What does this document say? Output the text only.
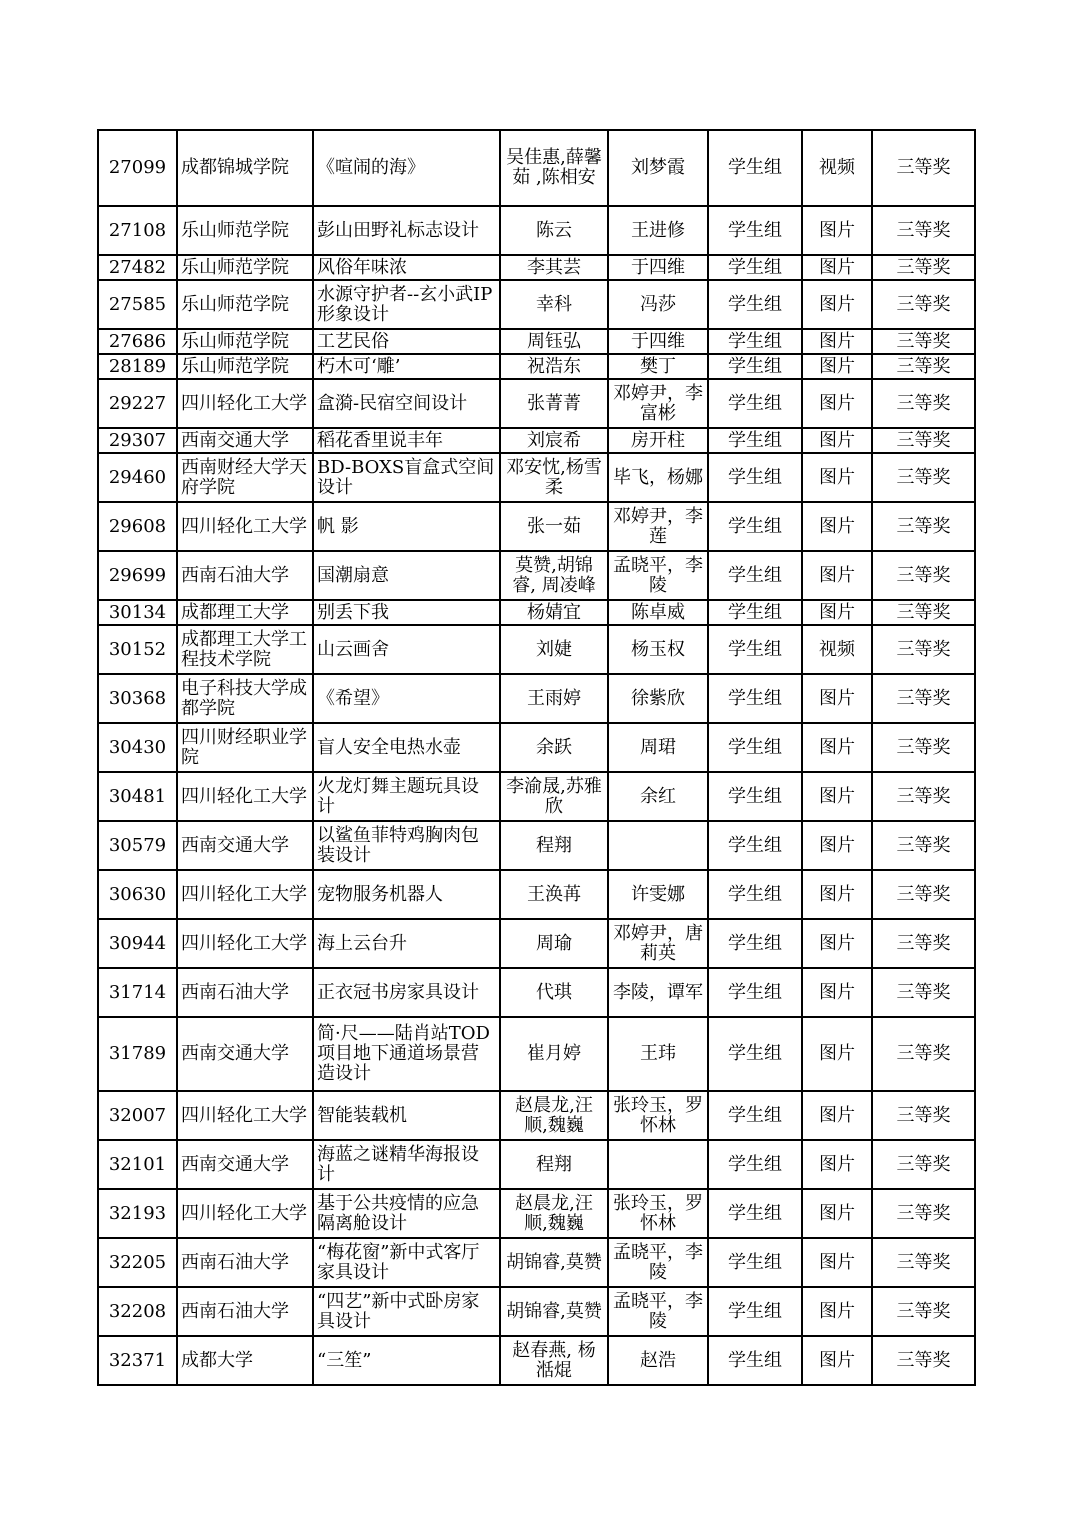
27099	成都锦城学院	《喧闹的海》	吴佳惠,薛馨茹 ,陈相安	刘梦霞	学生组	视频	三等奖
27108	乐山师范学院	彭山田野礼标志设计	陈云	王进修	学生组	图片	三等奖
27482	乐山师范学院	风俗年味浓	李其芸	于四维	学生组	图片	三等奖
27585	乐山师范学院	水源守护者--玄小武IP形象设计	幸科	冯莎	学生组	图片	三等奖
27686	乐山师范学院	工艺民俗	周钰弘	于四维	学生组	图片	三等奖
28189	乐山师范学院	朽木可‘雕’	祝浩东	樊丁	学生组	图片	三等奖
29227	四川轻化工大学	盒漪-民宿空间设计	张菁菁	邓婷尹，李富彬	学生组	图片	三等奖
29307	西南交通大学	稻花香里说丰年	刘宸希	房开柱	学生组	图片	三等奖
29460	西南财经大学天府学院	BD-BOXS盲盒式空间设计	邓安忱,杨雪柔	毕飞，杨娜	学生组	图片	三等奖
29608	四川轻化工大学	帆 影	张一茹	邓婷尹，李莲	学生组	图片	三等奖
29699	西南石油大学	国潮扇意	莫赞,胡锦睿, 周凌峰	孟晓平，李陵	学生组	图片	三等奖
30134	成都理工大学	别丢下我	杨婧宜	陈卓威	学生组	图片	三等奖
30152	成都理工大学工程技术学院	山云画舍	刘婕	杨玉权	学生组	视频	三等奖
30368	电子科技大学成都学院	《希望》	王雨婷	徐紫欣	学生组	图片	三等奖
30430	四川财经职业学院	盲人安全电热水壶	余跃	周珺	学生组	图片	三等奖
30481	四川轻化工大学	火龙灯舞主题玩具设计	李渝晟,苏雅欣	余红	学生组	图片	三等奖
30579	西南交通大学	以鲨鱼菲特鸡胸肉包装设计	程翔		学生组	图片	三等奖
30630	四川轻化工大学	宠物服务机器人	王涣苒	许雯娜	学生组	图片	三等奖
30944	四川轻化工大学	海上云台升	周瑜	邓婷尹，唐莉英	学生组	图片	三等奖
31714	西南石油大学	正衣冠书房家具设计	代琪	李陵，谭军	学生组	图片	三等奖
31789	西南交通大学	简·尺——陆肖站TOD项目地下通道场景营造设计	崔月婷	王玮	学生组	图片	三等奖
32007	四川轻化工大学	智能装载机	赵晨龙,汪顺,魏巍	张玲玉，罗怀林	学生组	图片	三等奖
32101	西南交通大学	海蓝之谜精华海报设计	程翔		学生组	图片	三等奖
32193	四川轻化工大学	基于公共疫情的应急隔离舱设计	赵晨龙,汪顺,魏巍	张玲玉，罗怀林	学生组	图片	三等奖
32205	西南石油大学	“梅花窗”新中式客厅家具设计	胡锦睿,莫赞	孟晓平，李陵	学生组	图片	三等奖
32208	西南石油大学	“四艺”新中式卧房家具设计	胡锦睿,莫赞	孟晓平，李陵	学生组	图片	三等奖
32371	成都大学	“三笙”	赵春燕, 杨湉焜	赵浩	学生组	图片	三等奖
